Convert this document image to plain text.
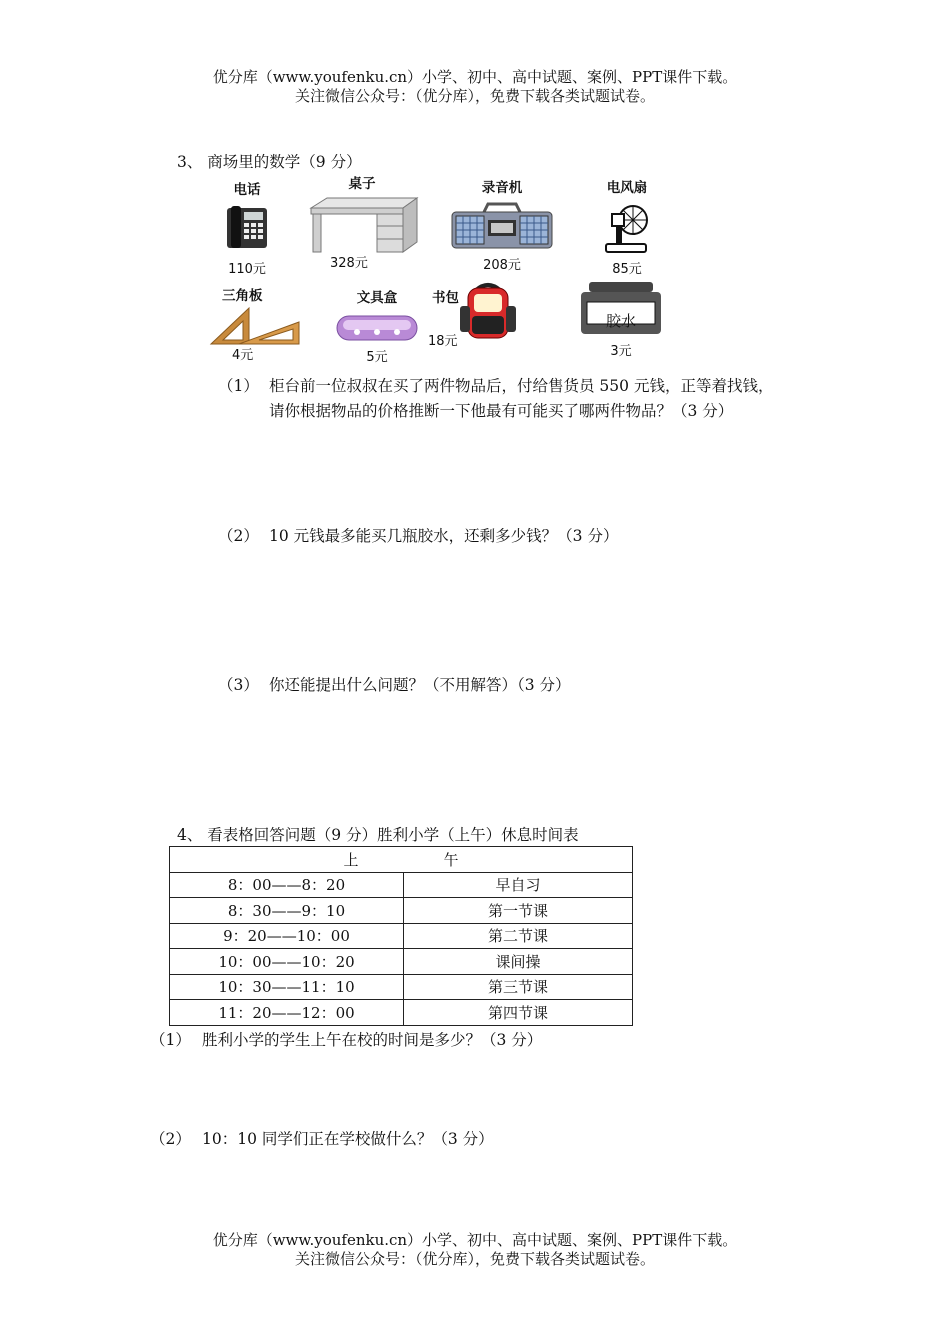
优分库（www.youfenku.cn）小学、初中、高中试题、案例、PPT课件下载。
关注微信公众号：（优分库），免费下载各类试题试卷。
3、 商场里的数学（9 分）
电话
110元
桌子
328元
录音机
208元
电风扇
85元
三角板
4元
文具盒
5元
书包
18元
胶水
3元
（1） 柜台前一位叔叔在买了两件物品后，付给售货员 550 元钱，正等着找钱，
请你根据物品的价格推断一下他最有可能买了哪两件物品？（3 分）
（2） 10 元钱最多能买几瓶胶水，还剩多少钱？（3 分）
（3） 你还能提出什么问题？（不用解答）（3 分）
4、 看表格回答问题（9 分）胜利小学（上午）休息时间表
上 午	
8：00——8：20	早自习
8：30——9：10	第一节课
9：20——10：00	第二节课
10：00——10：20	课间操
10：30——11：10	第三节课
11：20——12：00	第四节课
（1） 胜利小学的学生上午在校的时间是多少？（3 分）
（2） 10：10 同学们正在学校做什么？（3 分）
优分库（www.youfenku.cn）小学、初中、高中试题、案例、PPT课件下载。
关注微信公众号：（优分库），免费下载各类试题试卷。
